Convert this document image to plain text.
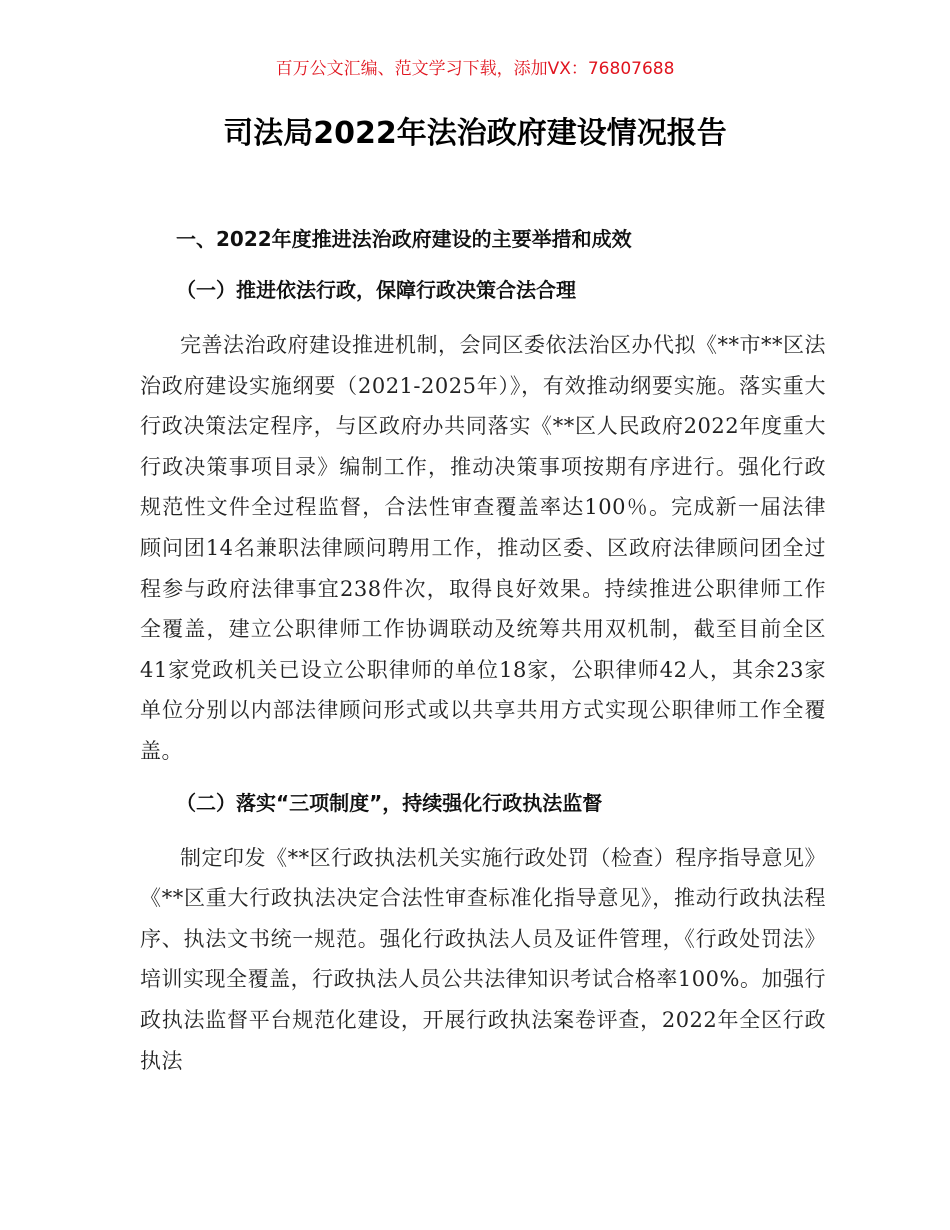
百万公文汇编、范文学习下载，添加VX：76807688
司法局2022年法治政府建设情况报告
一、2022年度推进法治政府建设的主要举措和成效
（一）推进依法行政，保障行政决策合法合理

完善法治政府建设推进机制，会同区委依法治区办代拟《**市**区法治政府建设实施纲要（2021-2025年）》，有效推动纲要实施。落实重大行政决策法定程序，与区政府办共同落实《**区人民政府2022年度重大行政决策事项目录》编制工作，推动决策事项按期有序进行。强化行政规范性文件全过程监督，合法性审查覆盖率达100％。完成新一届法律顾问团14名兼职法律顾问聘用工作，推动区委、区政府法律顾问团全过程参与政府法律事宜238件次，取得良好效果。持续推进公职律师工作全覆盖，建立公职律师工作协调联动及统筹共用双机制，截至目前全区41家党政机关已设立公职律师的单位18家，公职律师42人，其余23家单位分别以内部法律顾问形式或以共享共用方式实现公职律师工作全覆盖。

（二）落实“三项制度”，持续强化行政执法监督

制定印发《**区行政执法机关实施行政处罚（检查）程序指导意见》《**区重大行政执法决定合法性审查标准化指导意见》，推动行政执法程序、执法文书统一规范。强化行政执法人员及证件管理，《行政处罚法》培训实现全覆盖，行政执法人员公共法律知识考试合格率100%。加强行政执法监督平台规范化建设，开展行政执法案卷评查，2022年全区行政执法
